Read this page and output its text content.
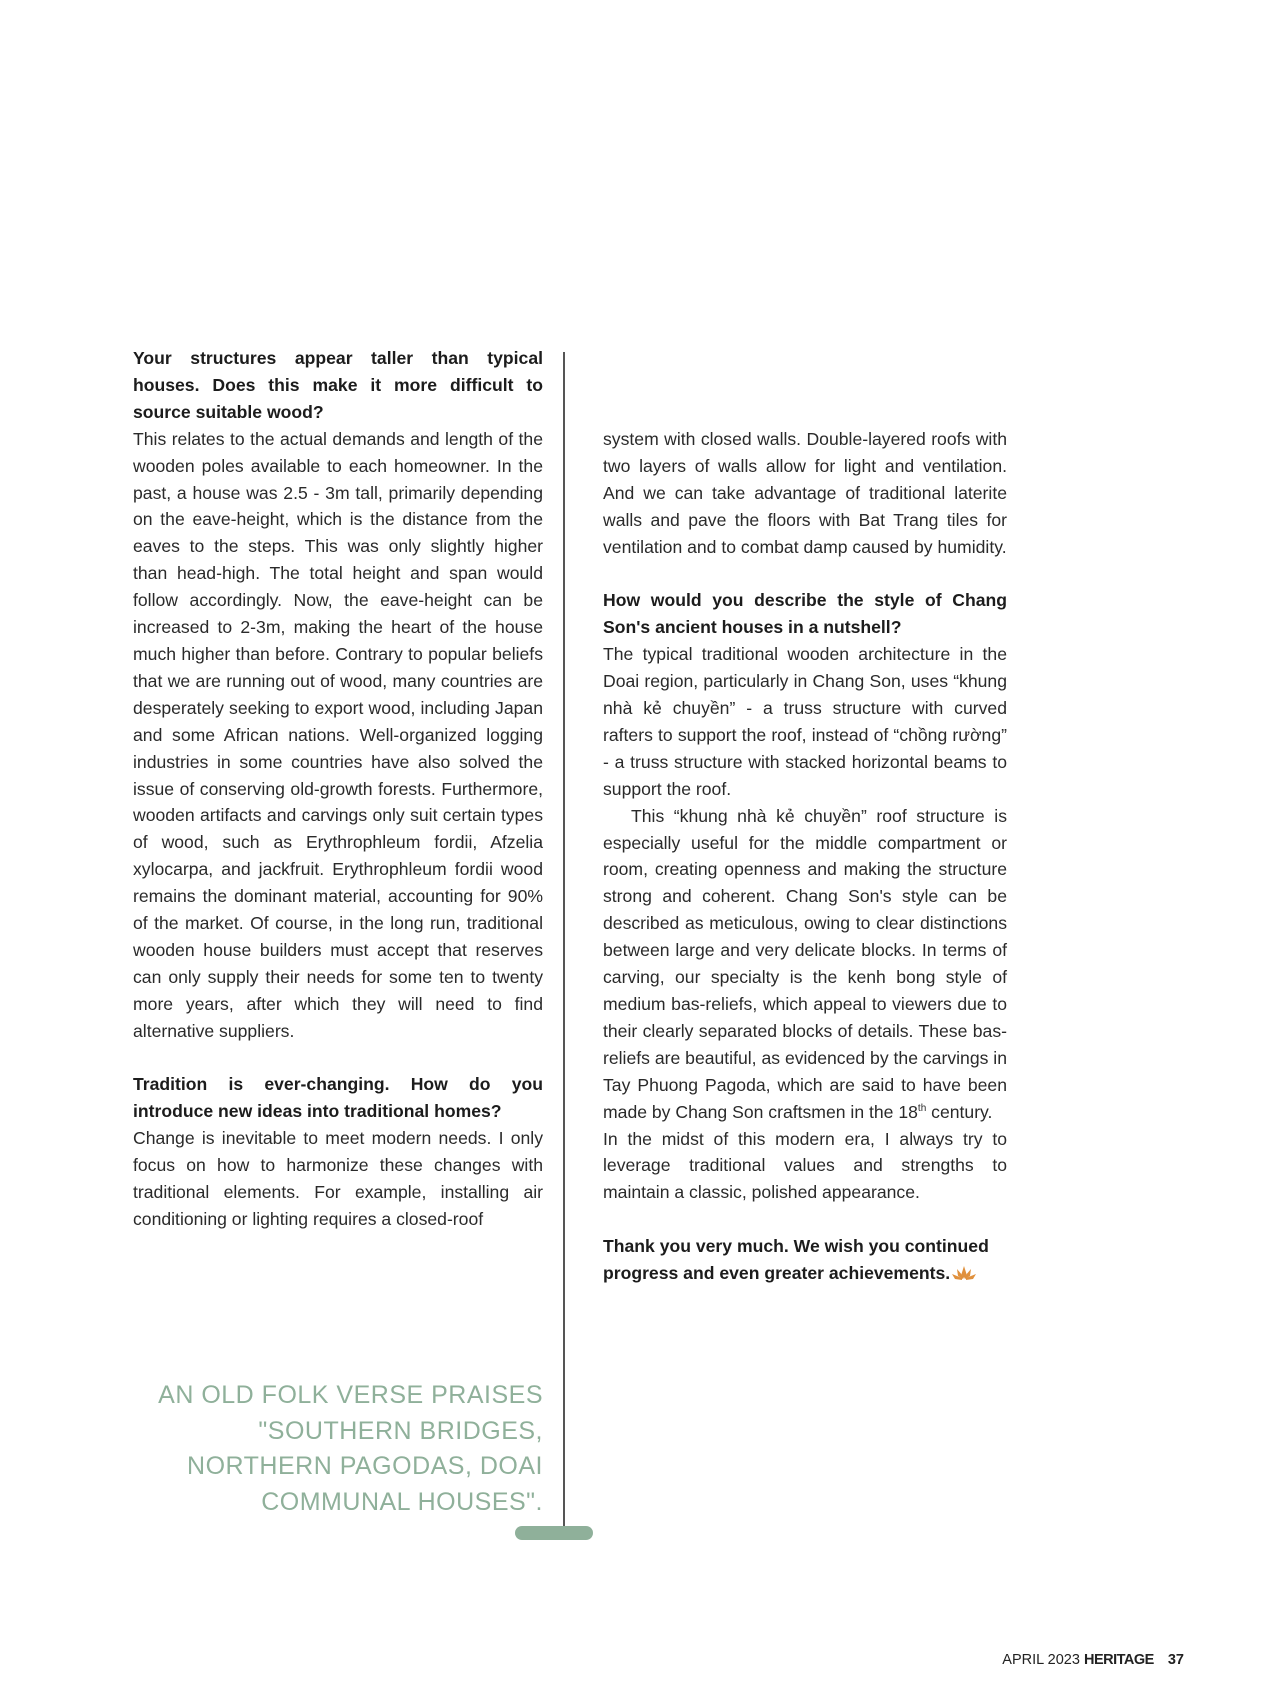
Your structures appear taller than typical houses. Does this make it more difficult to source suitable wood?

This relates to the actual demands and length of the wooden poles available to each homeowner. In the past, a house was 2.5 - 3m tall, primarily depending on the eave-height, which is the distance from the eaves to the steps. This was only slightly higher than head-high. The total height and span would follow accordingly. Now, the eave-height can be increased to 2-3m, making the heart of the house much higher than before. Contrary to popular beliefs that we are running out of wood, many countries are desperately seeking to export wood, including Japan and some African nations. Well-organized logging industries in some countries have also solved the issue of conserving old-growth forests. Furthermore, wooden artifacts and carvings only suit certain types of wood, such as Erythrophleum fordii, Afzelia xylocarpa, and jackfruit. Erythrophleum fordii wood remains the dominant material, accounting for 90% of the market. Of course, in the long run, traditional wooden house builders must accept that reserves can only supply their needs for some ten to twenty more years, after which they will need to find alternative suppliers.

Tradition is ever-changing. How do you introduce new ideas into traditional homes?

Change is inevitable to meet modern needs. I only focus on how to harmonize these changes with traditional elements. For example, installing air conditioning or lighting requires a closed-roof

system with closed walls. Double-layered roofs with two layers of walls allow for light and ventilation. And we can take advantage of traditional laterite walls and pave the floors with Bat Trang tiles for ventilation and to combat damp caused by humidity.

How would you describe the style of Chang Son's ancient houses in a nutshell?

The typical traditional wooden architecture in the Doai region, particularly in Chang Son, uses “khung nhà kẻ chuyền” - a truss structure with curved rafters to support the roof, instead of “chồng rường” - a truss structure with stacked horizontal beams to support the roof.

This “khung nhà kẻ chuyền” roof structure is especially useful for the middle compartment or room, creating openness and making the structure strong and coherent. Chang Son's style can be described as meticulous, owing to clear distinctions between large and very delicate blocks. In terms of carving, our specialty is the kenh bong style of medium bas-reliefs, which appeal to viewers due to their clearly separated blocks of details. These bas-reliefs are beautiful, as evidenced by the carvings in Tay Phuong Pagoda, which are said to have been made by Chang Son craftsmen in the 18th century.

In the midst of this modern era, I always try to leverage traditional values and strengths to maintain a classic, polished appearance.

Thank you very much. We wish you continued progress and even greater achievements.

AN OLD FOLK VERSE PRAISES
"SOUTHERN BRIDGES,
NORTHERN PAGODAS, DOAI
COMMUNAL HOUSES".
APRIL 2023 HERITAGE 37
